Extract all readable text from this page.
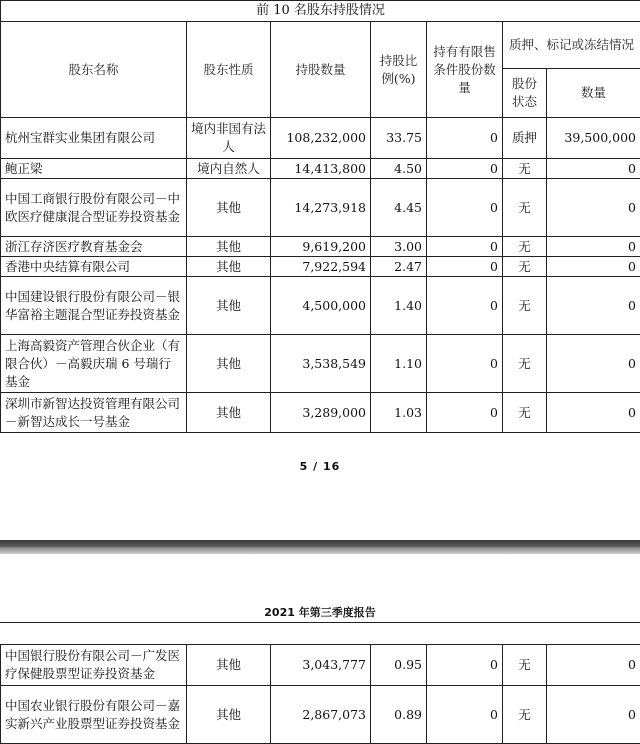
前 10 名股东持股情况						
股东名称	股东性质	持股数量	持股比例(%)	持有有限售条件股份数量	质押、标记或冻结情况	
					股份状态	数量
杭州宝群实业集团有限公司	境内非国有法人	108,232,000	33.75	0	质押	39,500,000
鲍正梁	境内自然人	14,413,800	4.50	0	无	0
中国工商银行股份有限公司－中欧医疗健康混合型证券投资基金	其他	14,273,918	4.45	0	无	0
浙江存济医疗教育基金会	其他	9,619,200	3.00	0	无	0
香港中央结算有限公司	其他	7,922,594	2.47	0	无	0
中国建设银行股份有限公司－银华富裕主题混合型证券投资基金	其他	4,500,000	1.40	0	无	0
上海高毅资产管理合伙企业（有限合伙）－高毅庆瑞 6 号瑞行基金	其他	3,538,549	1.10	0	无	0
深圳市新智达投资管理有限公司－新智达成长一号基金	其他	3,289,000	1.03	0	无	0
5 / 16
2021 年第三季度报告
中国银行股份有限公司－广发医疗保健股票型证券投资基金	其他	3,043,777	0.95	0	无	0
中国农业银行股份有限公司－嘉实新兴产业股票型证券投资基金	其他	2,867,073	0.89	0	无	0
